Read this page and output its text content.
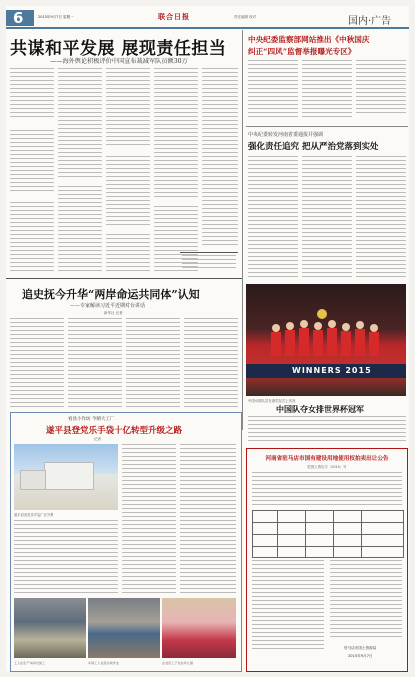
6	2015年9月7日 星期一	联合日报	责任编辑 校对	国内·广告
共谋和平发展 展现责任担当
——海外舆论积极评价中国宣布裁减军队员额30万
中央纪委监察部网站推出《中秋国庆
纠正“四风”监督举报曝光专区》
中央纪委转发河南省委通报并强调
强化责任追究 把从严治党落到实处
追史抚今升华“两岸命运共同体”认知
——专家解读习近平近期对台讲话
新华社 记者
WINNERS 2015
中国女排队员在颁奖仪式上庆祝
中国队夺女排世界杯冠军
看县小作坊 今朝大工厂
遂平县登党乐手袋十亿转型升级之路
记者
遂平县登党乐手袋厂区外景
工人在生产车间内加工	车间工人在流水线作业	企业员工子女在幼儿园
河南省驻马店市国有建设用地使用权拍卖出让公告
驻国土资告字〔2015〕号
驻马店市国土资源局
2015年9月7日
